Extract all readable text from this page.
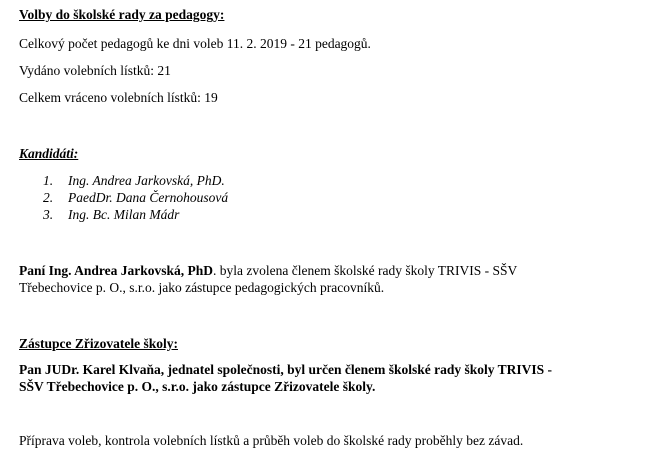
Volby do školské rady za pedagogy:
Celkový počet pedagogů ke dni voleb 11. 2. 2019 - 21 pedagogů.
Vydáno volebních lístků: 21
Celkem vráceno volebních lístků: 19
Kandidáti:
1. Ing. Andrea Jarkovská, PhD.
2. PaedDr. Dana Černohousová
3. Ing. Bc. Milan Mádr
Paní Ing. Andrea Jarkovská, PhD. byla zvolena členem školské rady školy TRIVIS - SŠV
Třebechovice p. O., s.r.o. jako zástupce pedagogických pracovníků.
Zástupce Zřizovatele školy:
Pan JUDr. Karel Klvaňa, jednatel společnosti, byl určen členem školské rady školy TRIVIS -
SŠV Třebechovice p. O., s.r.o. jako zástupce Zřizovatele školy.
Příprava voleb, kontrola volebních lístků a průběh voleb do školské rady proběhly bez závad.
